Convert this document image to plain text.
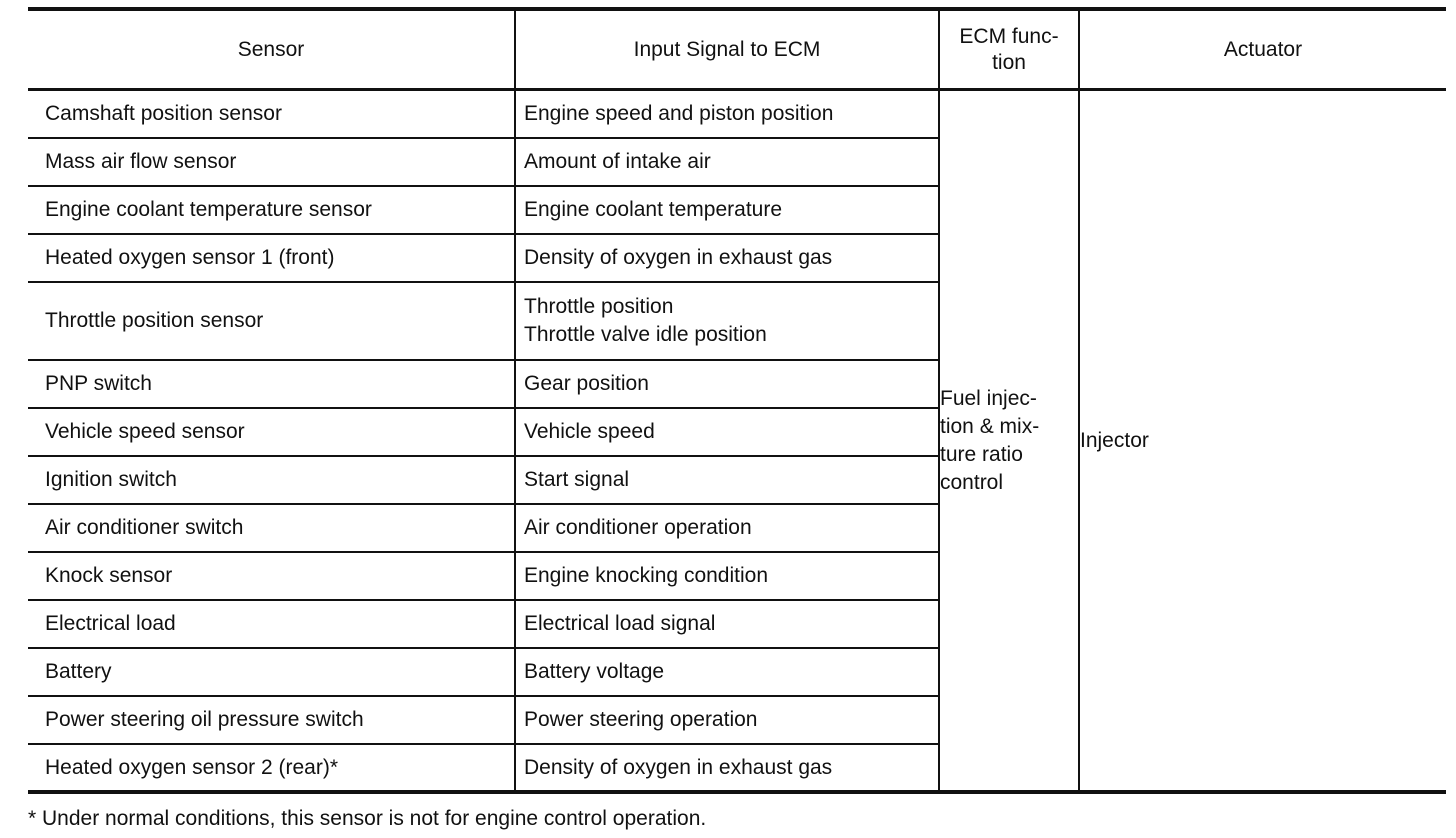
Sensor	Input Signal to ECM	ECM func-
tion	Actuator

Camshaft position sensor	Engine speed and piston position	Fuel injec-
tion & mix-
ture ratio
control	Injector

Mass air flow sensor	Amount of intake air		

Engine coolant temperature sensor	Engine coolant temperature		

Heated oxygen sensor 1 (front)	Density of oxygen in exhaust gas		

Throttle position sensor	Throttle position
Throttle valve idle position		

PNP switch	Gear position		

Vehicle speed sensor	Vehicle speed		

Ignition switch	Start signal		

Air conditioner switch	Air conditioner operation		

Knock sensor	Engine knocking condition		

Electrical load	Electrical load signal		

Battery	Battery voltage		

Power steering oil pressure switch	Power steering operation		

Heated oxygen sensor 2 (rear)*	Density of oxygen in exhaust gas		
* Under normal conditions, this sensor is not for engine control operation.
